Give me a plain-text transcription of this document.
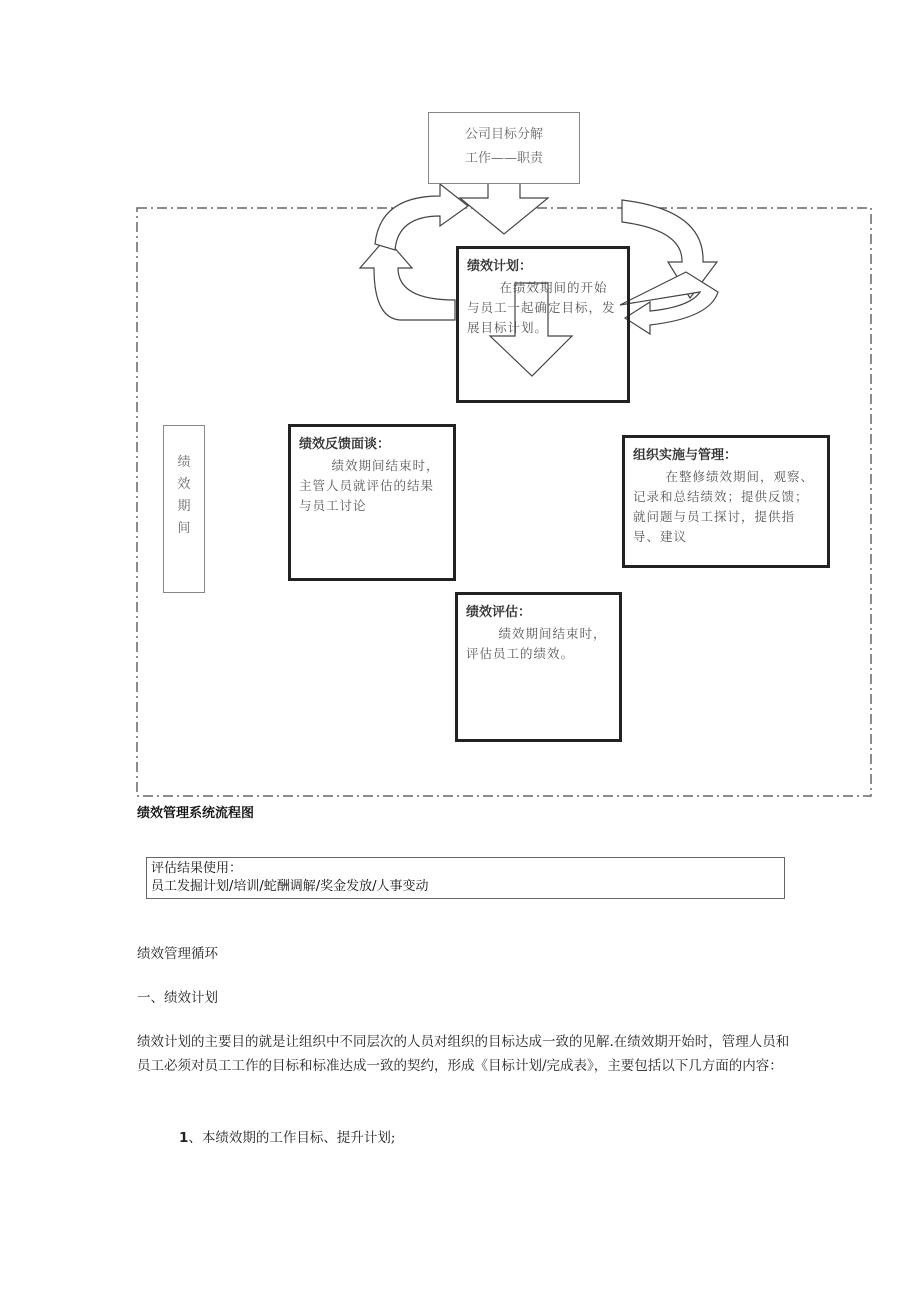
公司目标分解
工作——职责
绩效计划：
在绩效期间的开始与员工一起确定目标，发展目标计划。
组织实施与管理：
在整修绩效期间，观察、记录和总结绩效；提供反馈；就问题与员工探讨，提供指导、建议
绩效反馈面谈：
绩效期间结束时，主管人员就评估的结果与员工讨论
绩效评估：
绩效期间结束时，评估员工的绩效。
绩
效
期
间
绩效管理系统流程图
评估结果使用：
员工发掘计划/培训/蛇酬调解/奖金发放/人事变动
绩效管理循环
一、绩效计划
绩效计划的主要目的就是让组织中不同层次的人员对组织的目标达成一致的见解.在绩效期开始时，管理人员和员工必须对员工工作的目标和标准达成一致的契约，形成《目标计划/完成表》，主要包括以下几方面的内容：
1、本绩效期的工作目标、提升计划;
